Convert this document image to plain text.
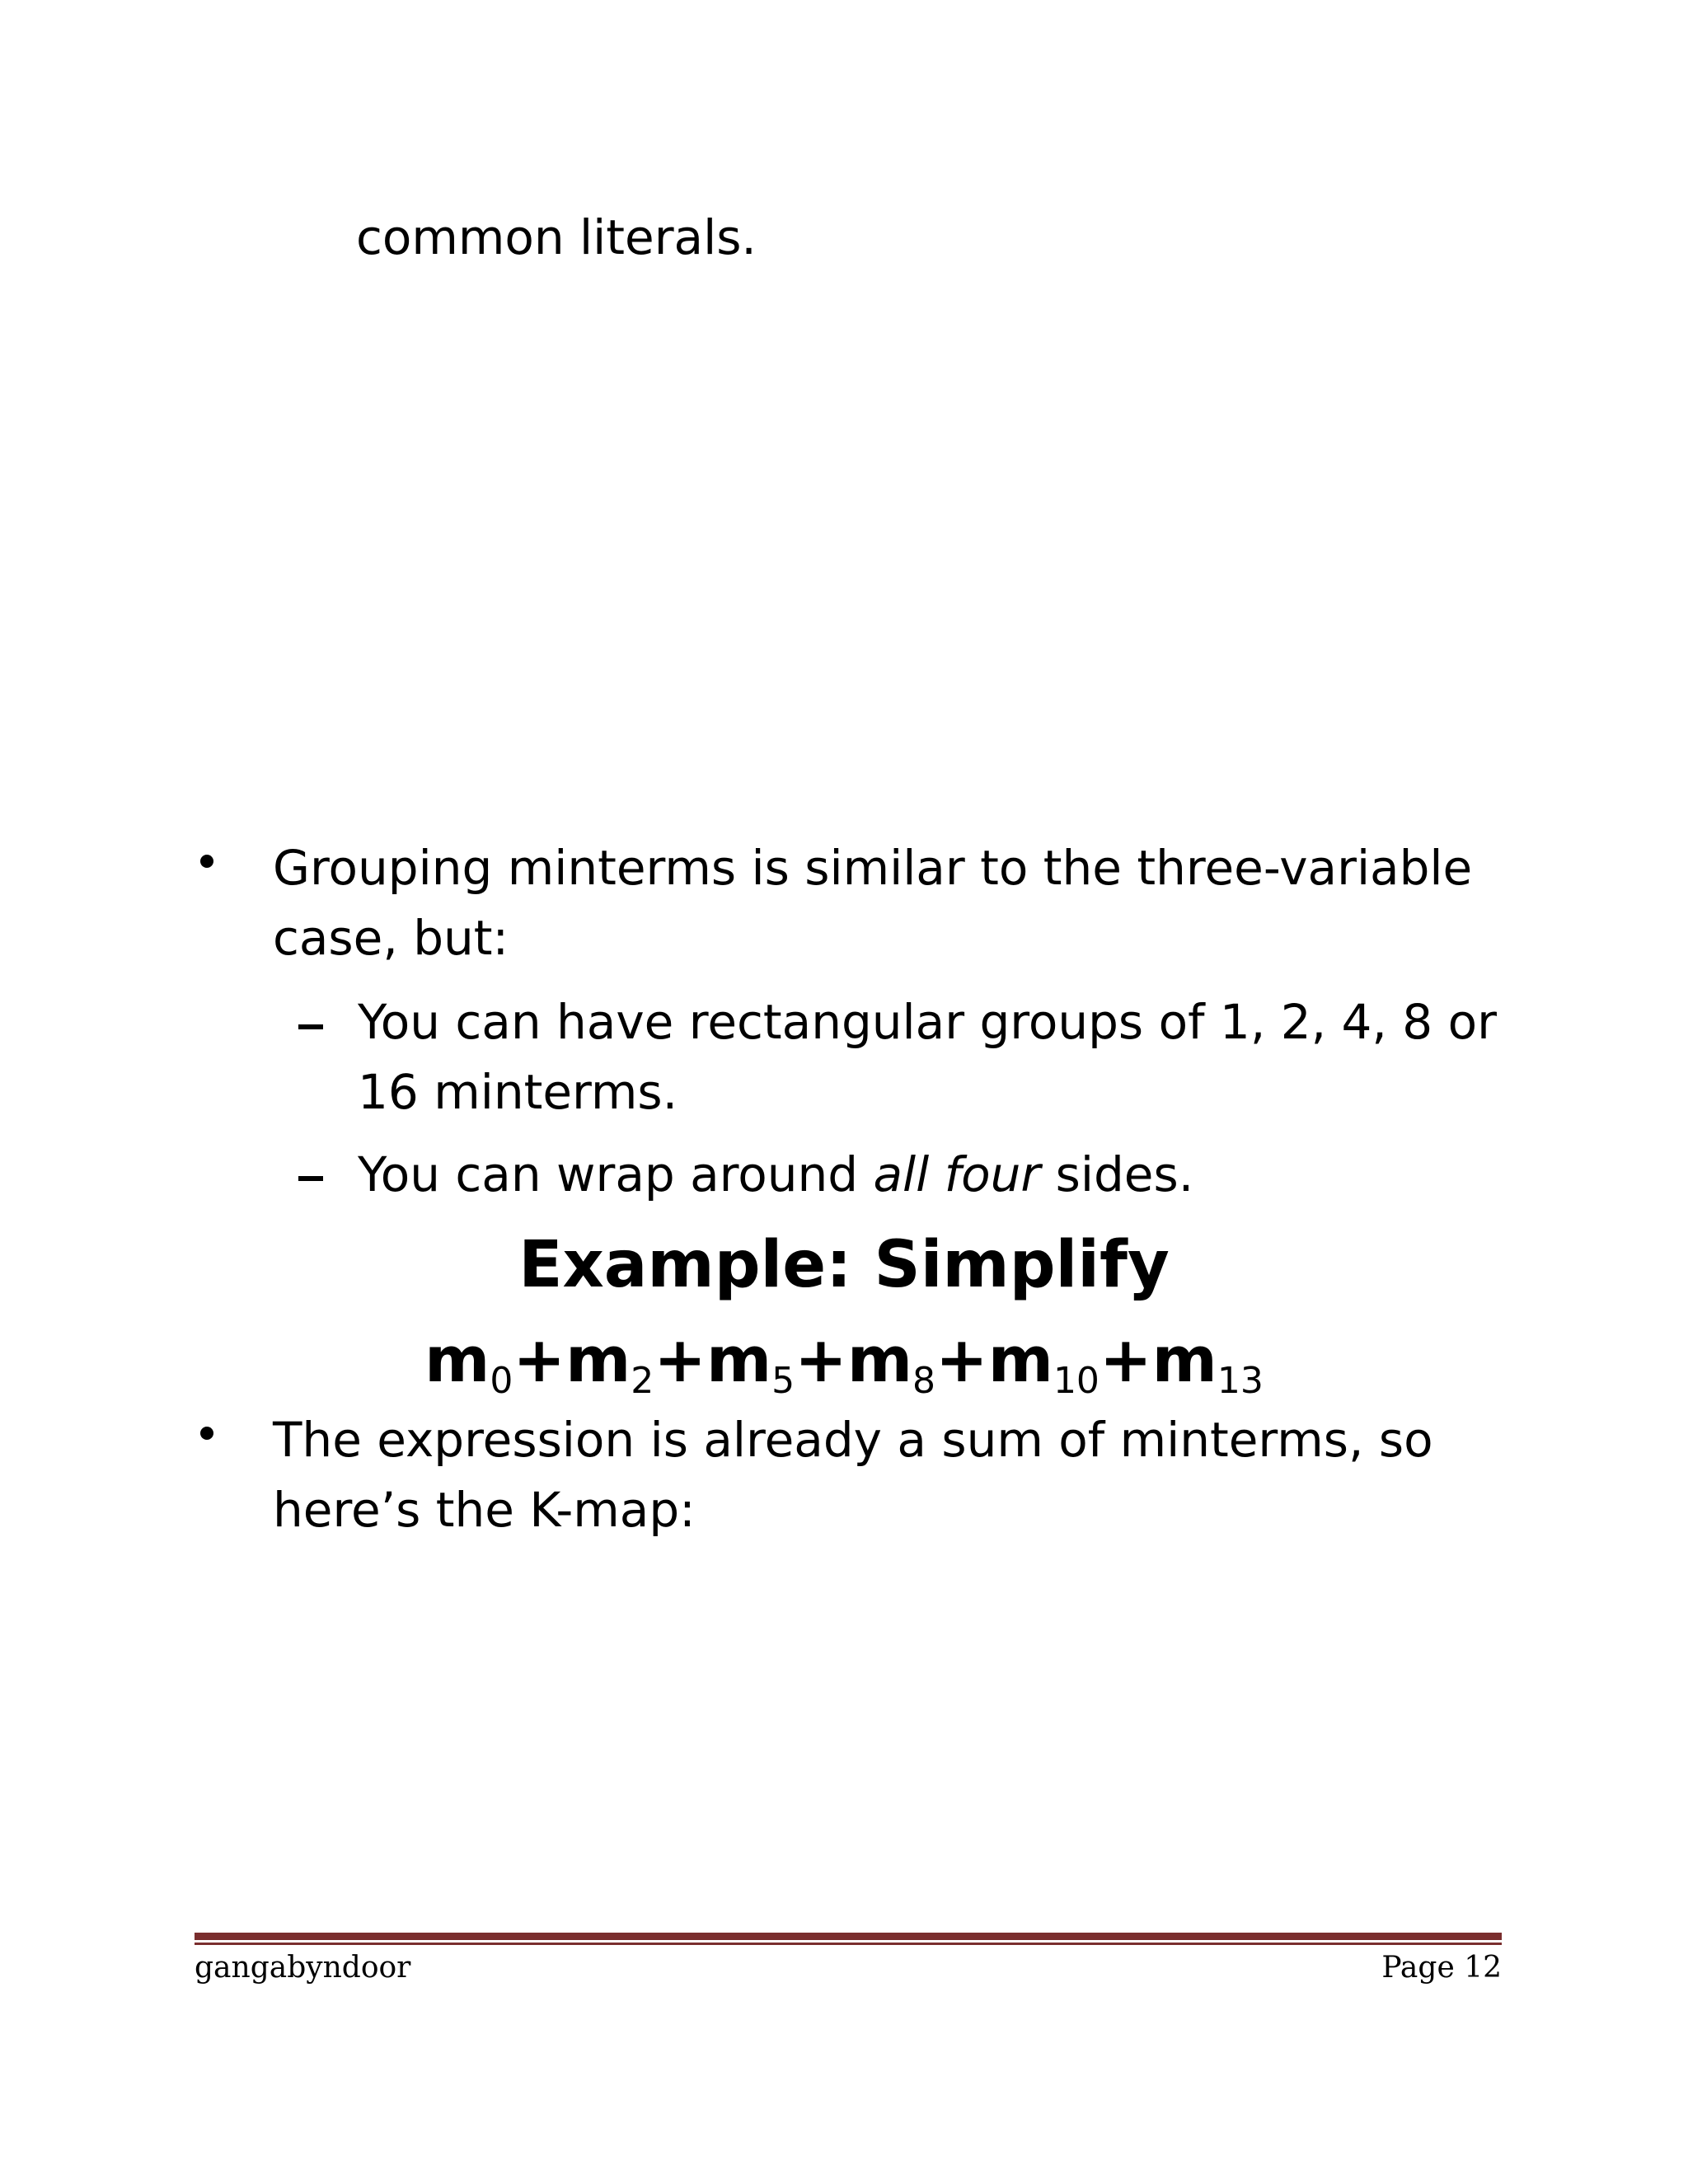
common literals.
Grouping minterms is similar to the three-variable
case, but:
You can have rectangular groups of 1, 2, 4, 8 or
16 minterms.
You can wrap around all four sides.
Example: Simplify
$m_0+m_2+m_5+m_8+m_{10}+m_{13}$
The expression is already a sum of minterms, so
here’s the K-map:
gangabyndoor	Page 12
